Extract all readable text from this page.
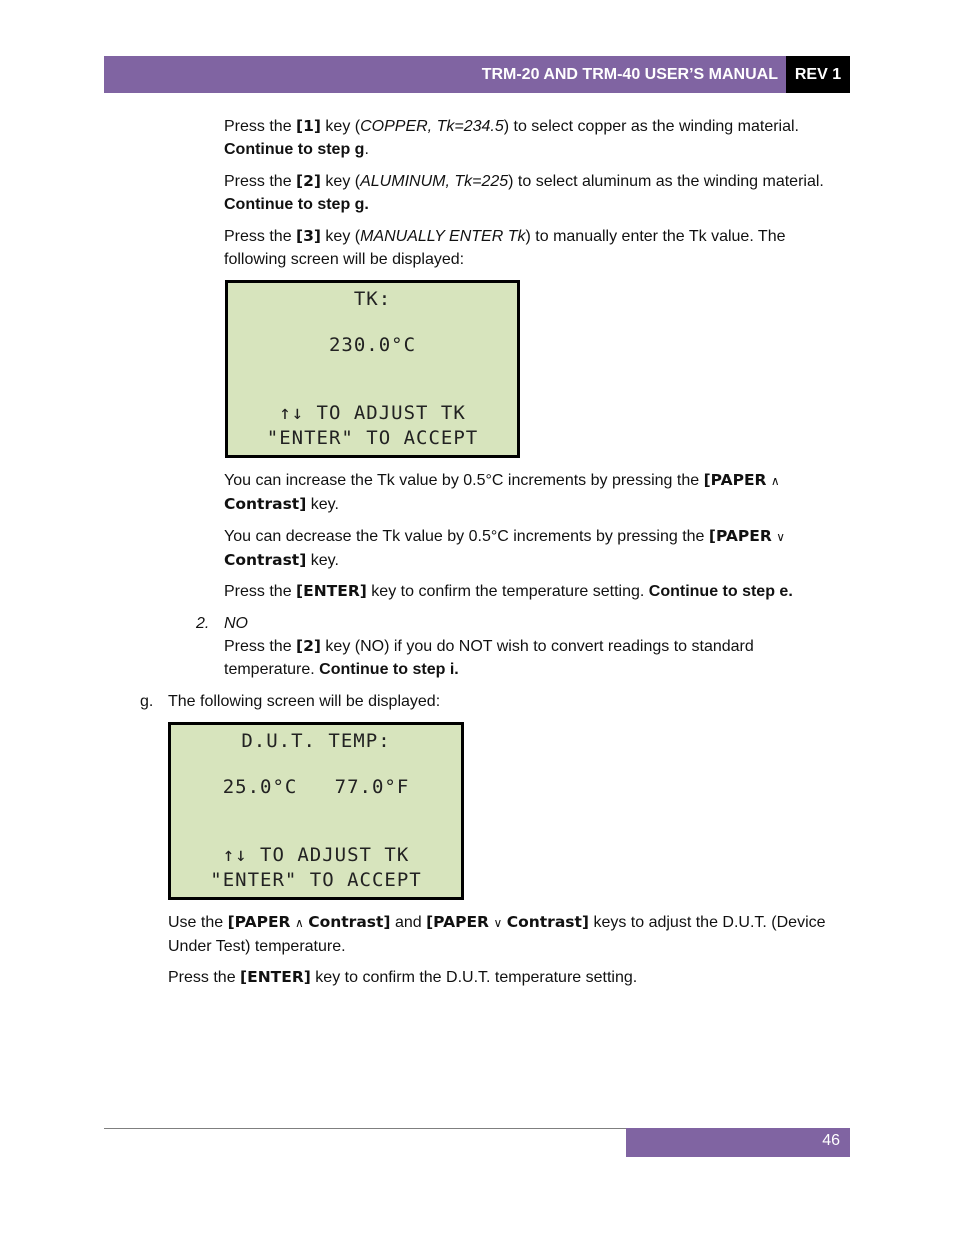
TRM-20 AND TRM-40 USER’S MANUAL	REV 1
Press the [1] key (COPPER, Tk=234.5) to select copper as the winding material. Continue to step g.
Press the [2] key (ALUMINUM, Tk=225) to select aluminum as the winding material. Continue to step g.
Press the [3] key (MANUALLY ENTER Tk) to manually enter the Tk value. The following screen will be displayed:
TK:
230.0°C
↑↓ TO ADJUST TK
"ENTER" TO ACCEPT
You can increase the Tk value by 0.5°C increments by pressing the [PAPER ∧
Contrast] key.
You can decrease the Tk value by 0.5°C increments by pressing the [PAPER ∨
Contrast] key.
Press the [ENTER] key to confirm the temperature setting. Continue to step e.
2. NO
Press the [2] key (NO) if you do NOT wish to convert readings to standard temperature. Continue to step i.
g. The following screen will be displayed:
D.U.T. TEMP:
25.0°C   77.0°F
↑↓ TO ADJUST TK
"ENTER" TO ACCEPT
Use the [PAPER ∧ Contrast] and [PAPER ∨ Contrast] keys to adjust the D.U.T. (Device Under Test) temperature.
Press the [ENTER] key to confirm the D.U.T. temperature setting.
46
